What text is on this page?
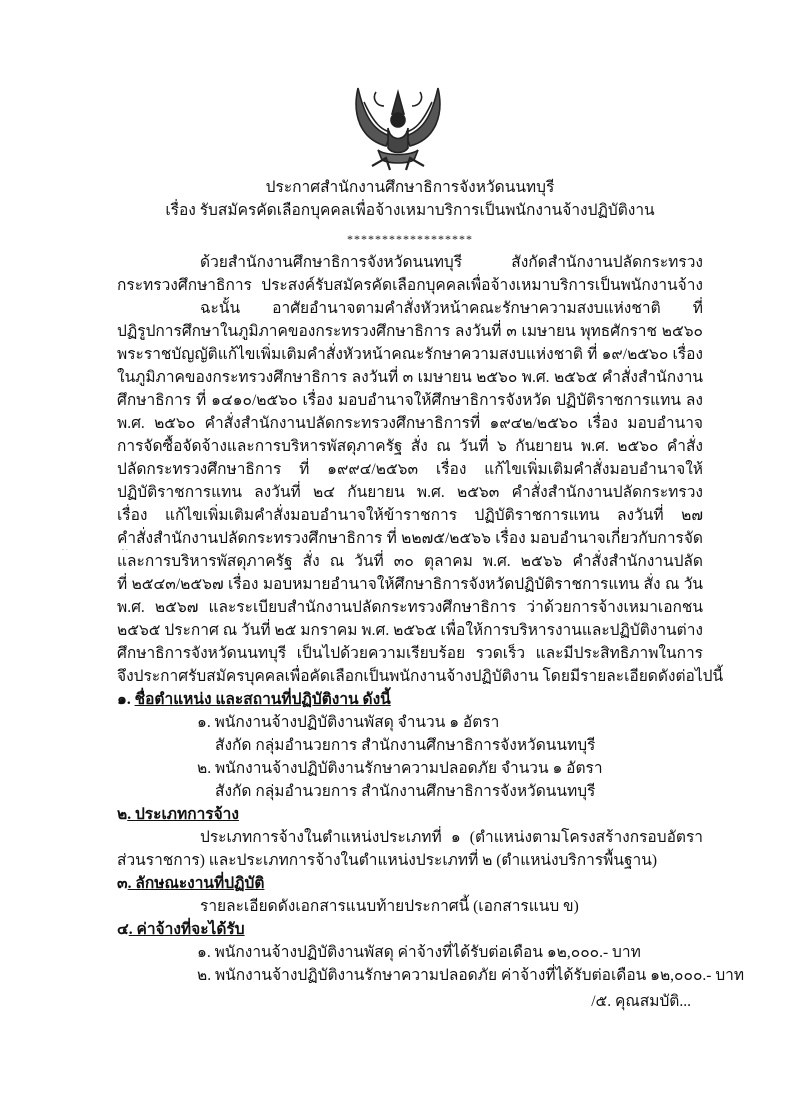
ประกาศสำนักงานศึกษาธิการจังหวัดนนทบุรี
เรื่อง รับสมัครคัดเลือกบุคคลเพื่อจ้างเหมาบริการเป็นพนักงานจ้างปฏิบัติงาน
******************
ด้วยสำนักงานศึกษาธิการจังหวัดนนทบุรี สังกัดสำนักงานปลัดกระทรวง
กระทรวงศึกษาธิการ ประสงค์รับสมัครคัดเลือกบุคคลเพื่อจ้างเหมาบริการเป็นพนักงานจ้าง
ฉะนั้น อาศัยอำนาจตามคำสั่งหัวหน้าคณะรักษาความสงบแห่งชาติ ที่
ปฏิรูปการศึกษาในภูมิภาคของกระทรวงศึกษาธิการ ลงวันที่ ๓ เมษายน พุทธศักราช ๒๕๖๐
พระราชบัญญัติแก้ไขเพิ่มเติมคำสั่งหัวหน้าคณะรักษาความสงบแห่งชาติ ที่ ๑๙/๒๕๖๐ เรื่อง
ในภูมิภาคของกระทรวงศึกษาธิการ ลงวันที่ ๓ เมษายน ๒๕๖๐ พ.ศ. ๒๕๖๕ คำสั่งสำนักงาน
ศึกษาธิการ ที่ ๑๔๑๐/๒๕๖๐ เรื่อง มอบอำนาจให้ศึกษาธิการจังหวัด ปฏิบัติราชการแทน ลง
พ.ศ. ๒๕๖๐ คำสั่งสำนักงานปลัดกระทรวงศึกษาธิการที่ ๑๙๔๒/๒๕๖๐ เรื่อง มอบอำนาจ
การจัดซื้อจัดจ้างและการบริหารพัสดุภาครัฐ สั่ง ณ วันที่ ๖ กันยายน พ.ศ. ๒๕๖๐ คำสั่ง
ปลัดกระทรวงศึกษาธิการ ที่ ๑๙๙๔/๒๕๖๓ เรื่อง แก้ไขเพิ่มเติมคำสั่งมอบอำนาจให้
ปฏิบัติราชการแทน ลงวันที่ ๒๔ กันยายน พ.ศ. ๒๕๖๓ คำสั่งสำนักงานปลัดกระทรวง
เรื่อง แก้ไขเพิ่มเติมคำสั่งมอบอำนาจให้ข้าราชการ ปฏิบัติราชการแทน ลงวันที่ ๒๗
คำสั่งสำนักงานปลัดกระทรวงศึกษาธิการ ที่ ๒๒๗๕/๒๕๖๖ เรื่อง มอบอำนาจเกี่ยวกับการจัด
และการบริหารพัสดุภาครัฐ สั่ง ณ วันที่ ๓๐ ตุลาคม พ.ศ. ๒๕๖๖ คำสั่งสำนักงานปลัด
ที่ ๒๕๔๓/๒๕๖๗ เรื่อง มอบหมายอำนาจให้ศึกษาธิการจังหวัดปฏิบัติราชการแทน สั่ง ณ วัน
พ.ศ. ๒๕๖๗ และระเบียบสำนักงานปลัดกระทรวงศึกษาธิการ ว่าด้วยการจ้างเหมาเอกชน
๒๕๖๕ ประกาศ ณ วันที่ ๒๕ มกราคม พ.ศ. ๒๕๖๕ เพื่อให้การบริหารงานและปฏิบัติงานต่าง
ศึกษาธิการจังหวัดนนทบุรี เป็นไปด้วยความเรียบร้อย รวดเร็ว และมีประสิทธิภาพในการ
จึงประกาศรับสมัครบุคคลเพื่อคัดเลือกเป็นพนักงานจ้างปฏิบัติงาน โดยมีรายละเอียดดังต่อไปนี้
๑. ชื่อตำแหน่ง และสถานที่ปฏิบัติงาน ดังนี้
๑. พนักงานจ้างปฏิบัติงานพัสดุ จำนวน ๑ อัตรา
สังกัด กลุ่มอำนวยการ สำนักงานศึกษาธิการจังหวัดนนทบุรี
๒. พนักงานจ้างปฏิบัติงานรักษาความปลอดภัย จำนวน ๑ อัตรา
สังกัด กลุ่มอำนวยการ สำนักงานศึกษาธิการจังหวัดนนทบุรี
๒. ประเภทการจ้าง
ประเภทการจ้างในตำแหน่งประเภทที่ ๑ (ตำแหน่งตามโครงสร้างกรอบอัตรา
ส่วนราชการ) และประเภทการจ้างในตำแหน่งประเภทที่ ๒ (ตำแหน่งบริการพื้นฐาน)
๓. ลักษณะงานที่ปฏิบัติ
รายละเอียดดังเอกสารแนบท้ายประกาศนี้ (เอกสารแนบ ข)
๔. ค่าจ้างที่จะได้รับ
๑. พนักงานจ้างปฏิบัติงานพัสดุ ค่าจ้างที่ได้รับต่อเดือน ๑๒,๐๐๐.- บาท
๒. พนักงานจ้างปฏิบัติงานรักษาความปลอดภัย ค่าจ้างที่ได้รับต่อเดือน ๑๒,๐๐๐.- บาท
/๕. คุณสมบัติ...
